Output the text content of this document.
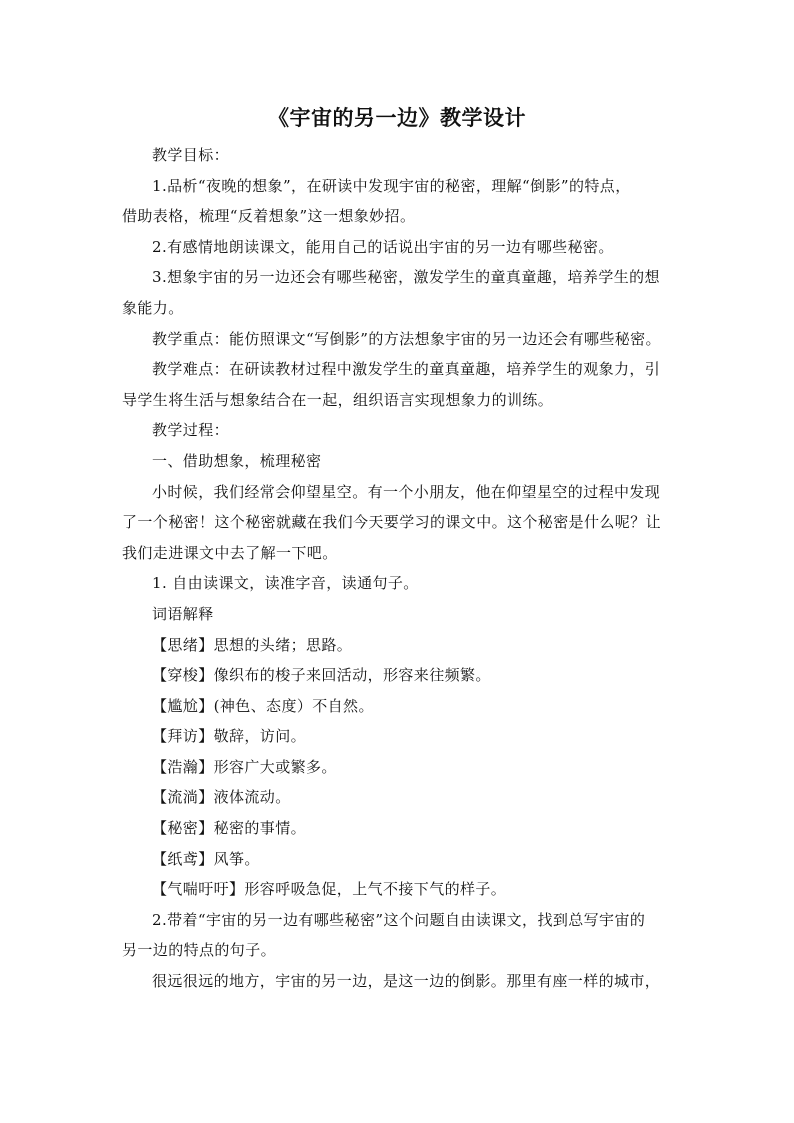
《宇宙的另一边》教学设计
教学目标：
1.品析“夜晚的想象”，在研读中发现宇宙的秘密，理解“倒影”的特点，
借助表格，梳理“反着想象”这一想象妙招。
2.有感情地朗读课文，能用自己的话说出宇宙的另一边有哪些秘密。
3.想象宇宙的另一边还会有哪些秘密，激发学生的童真童趣，培养学生的想
象能力。
教学重点：能仿照课文“写倒影”的方法想象宇宙的另一边还会有哪些秘密。
教学难点：在研读教材过程中激发学生的童真童趣，培养学生的观象力，引
导学生将生活与想象结合在一起，组织语言实现想象力的训练。
教学过程：
一、借助想象，梳理秘密
小时候，我们经常会仰望星空。有一个小朋友，他在仰望星空的过程中发现
了一个秘密！这个秘密就藏在我们今天要学习的课文中。这个秘密是什么呢？让
我们走进课文中去了解一下吧。
1. 自由读课文，读准字音，读通句子。
词语解释
【思绪】思想的头绪；思路。
【穿梭】像织布的梭子来回活动，形容来往频繁。
【尴尬】(神色、态度）不自然。
【拜访】敬辞，访问。
【浩瀚】形容广大或繁多。
【流淌】液体流动。
【秘密】秘密的事情。
【纸鸢】风筝。
【气喘吁吁】形容呼吸急促，上气不接下气的样子。
2.带着“宇宙的另一边有哪些秘密”这个问题自由读课文，找到总写宇宙的
另一边的特点的句子。
很远很远的地方，宇宙的另一边，是这一边的倒影。那里有座一样的城市，
